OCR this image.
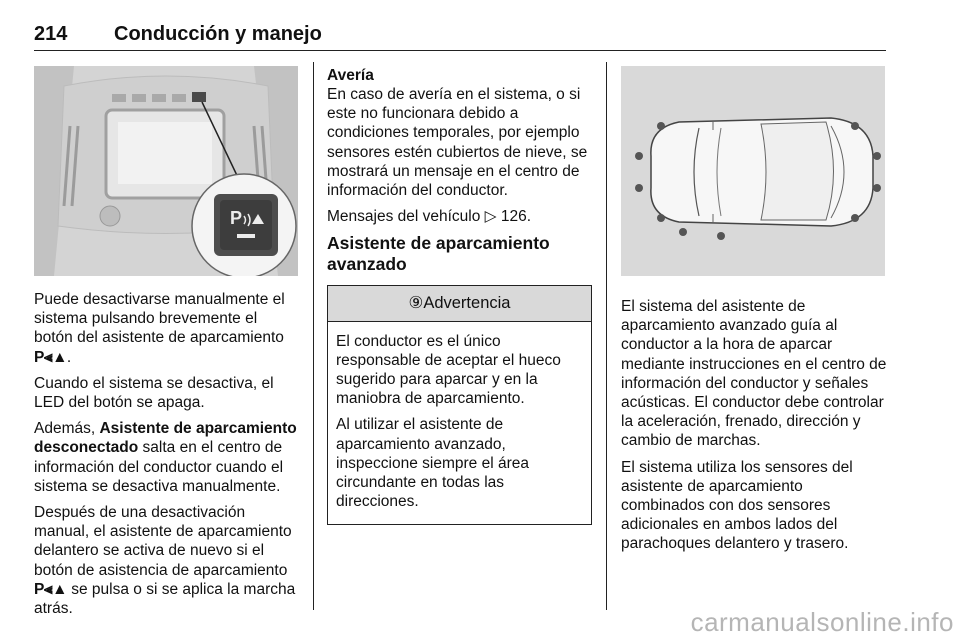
214 Conducción y manejo
P

Puede desactivarse manualmente el sistema pulsando brevemente el botón del asistente de aparcamiento P⫷▲.

Cuando el sistema se desactiva, el LED del botón se apaga.

Además, Asistente de aparcamiento desconectado salta en el centro de información del conductor cuando el sistema se desactiva manualmente.

Después de una desactivación manual, el asistente de aparcamiento delantero se activa de nuevo si el botón de asistencia de aparcamiento P⫷▲ se pulsa o si se aplica la marcha atrás.

Avería

En caso de avería en el sistema, o si este no funcionara debido a condiciones temporales, por ejemplo sensores estén cubiertos de nieve, se mostrará un mensaje en el centro de información del conductor.

Mensajes del vehículo ▷ 126.

Asistente de aparcamiento avanzado
⑨Advertencia

El conductor es el único responsable de aceptar el hueco sugerido para aparcar y en la maniobra de aparcamiento.

Al utilizar el asistente de aparcamiento avanzado, inspeccione siempre el área circundante en todas las direcciones.

El sistema del asistente de aparcamiento avanzado guía al conductor a la hora de aparcar mediante instrucciones en el centro de información del conductor y señales acústicas. El conductor debe controlar la aceleración, frenado, dirección y cambio de marchas.

El sistema utiliza los sensores del asistente de aparcamiento combinados con dos sensores adicionales en ambos lados del parachoques delantero y trasero.

carmanualsonline.info
